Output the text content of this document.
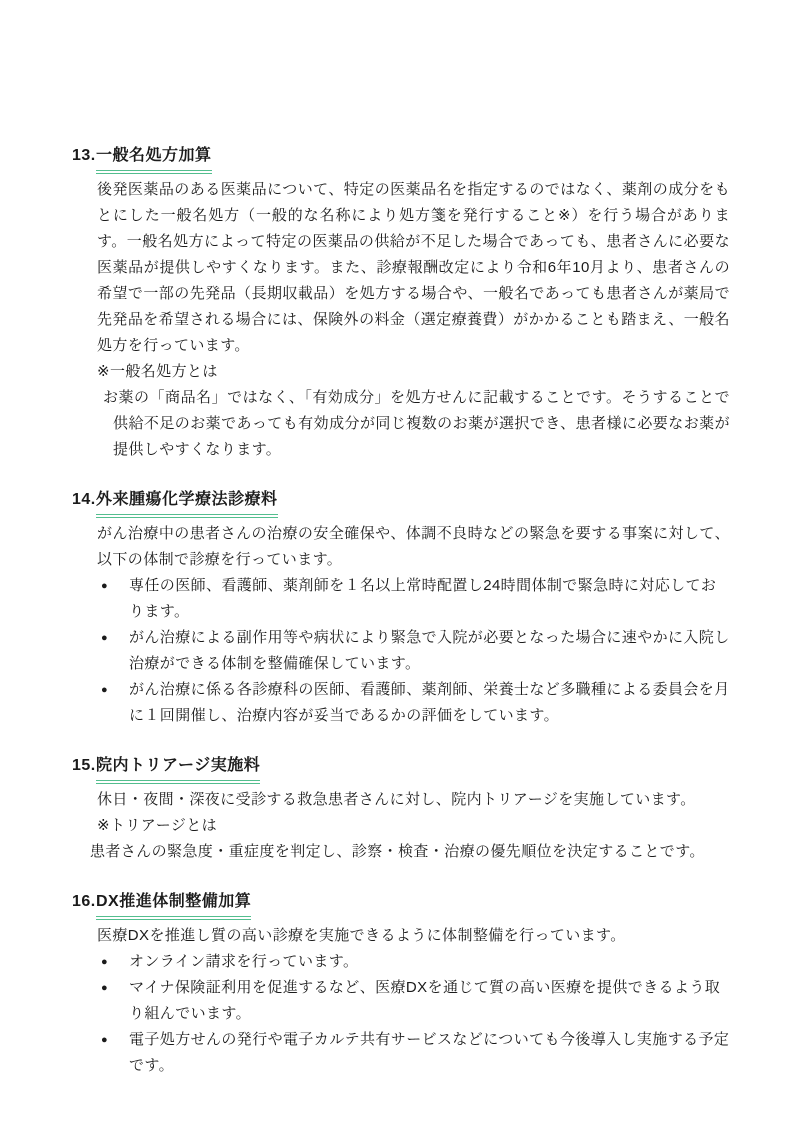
13. 一般名処方加算

後発医薬品のある医薬品について、特定の医薬品名を指定するのではなく、薬剤の成分をもとにした一般名処方（一般的な名称により処方箋を発行すること※）を行う場合があります。一般名処方によって特定の医薬品の供給が不足した場合であっても、患者さんに必要な医薬品が提供しやすくなります。また、診療報酬改定により令和6年10月より、患者さんの希望で一部の先発品（長期収載品）を処方する場合や、一般名であっても患者さんが薬局で先発品を希望される場合には、保険外の料金（選定療養費）がかかることも踏まえ、一般名処方を行っています。

※一般名処方とは

お薬の「商品名」ではなく、「有効成分」を処方せんに記載することです。そうすることで供給不足のお薬であっても有効成分が同じ複数のお薬が選択でき、患者様に必要なお薬が提供しやすくなります。

14. 外来腫瘍化学療法診療料

がん治療中の患者さんの治療の安全確保や、体調不良時などの緊急を要する事案に対して、以下の体制で診療を行っています。

● 専任の医師、看護師、薬剤師を１名以上常時配置し24時間体制で緊急時に対応しております。
● がん治療による副作用等や病状により緊急で入院が必要となった場合に速やかに入院し治療ができる体制を整備確保しています。
● がん治療に係る各診療科の医師、看護師、薬剤師、栄養士など多職種による委員会を月に１回開催し、治療内容が妥当であるかの評価をしています。
15. 院内トリアージ実施料

休日・夜間・深夜に受診する救急患者さんに対し、院内トリアージを実施しています。

※トリアージとは

患者さんの緊急度・重症度を判定し、診察・検査・治療の優先順位を決定することです。

16. DX推進体制整備加算

医療DXを推進し質の高い診療を実施できるように体制整備を行っています。

● オンライン請求を行っています。
● マイナ保険証利用を促進するなど、医療DXを通じて質の高い医療を提供できるよう取り組んでいます。
● 電子処方せんの発行や電子カルテ共有サービスなどについても今後導入し実施する予定です。
